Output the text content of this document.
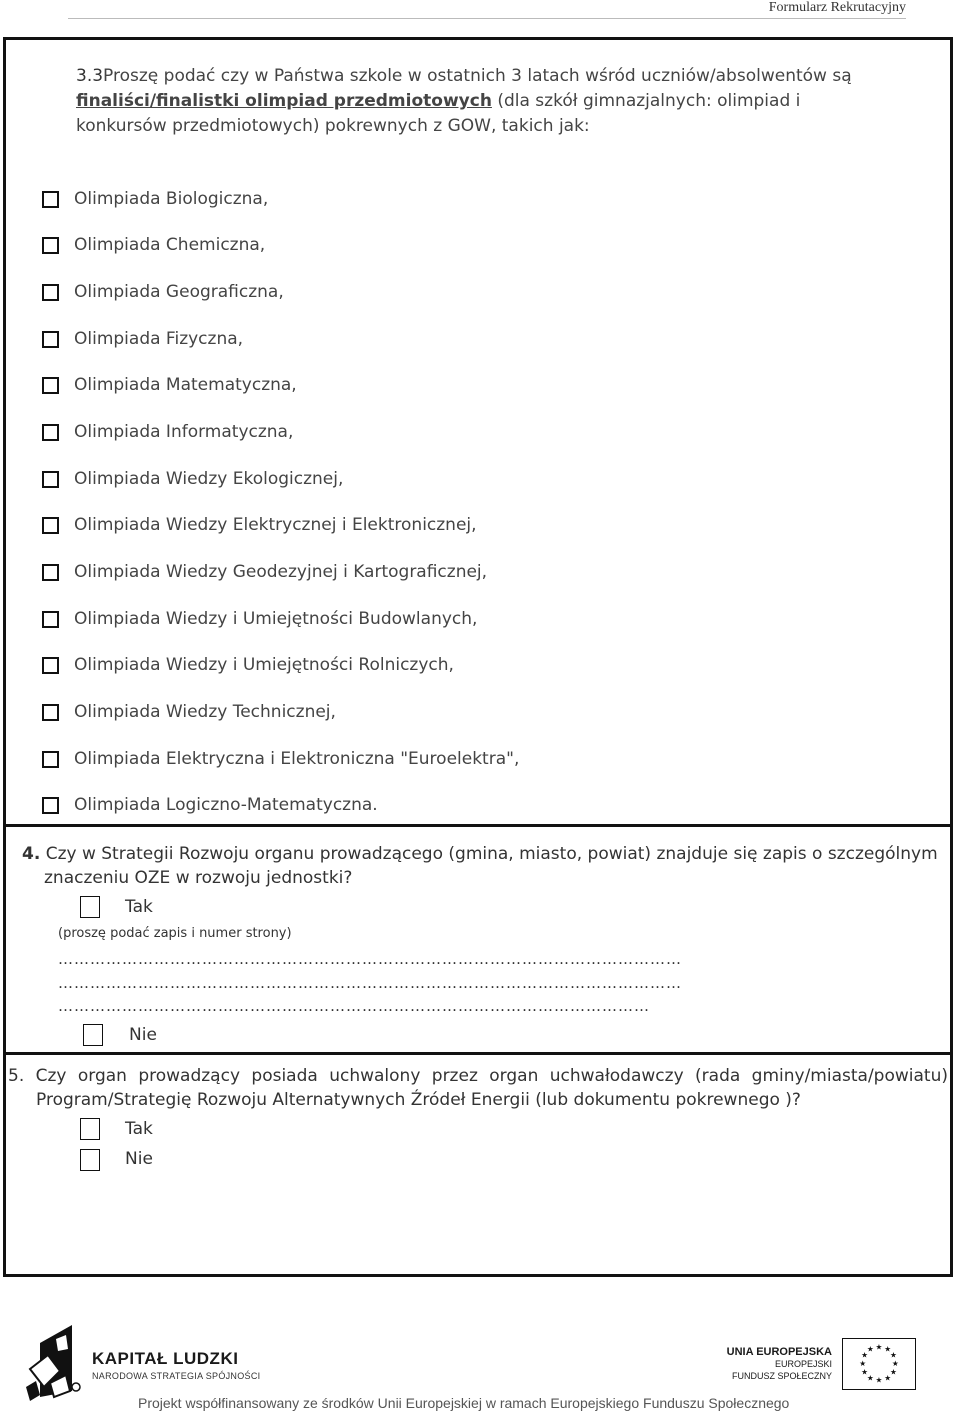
Formularz Rekrutacyjny
3.3Proszę podać czy w Państwa szkole w ostatnich 3 latach wśród uczniów/absolwentów są
finaliści/finalistki olimpiad przedmiotowych (dla szkół gimnazjalnych: olimpiad i konkursów przedmiotowych) pokrewnych z GOW, takich jak:
Olimpiada Biologiczna,
Olimpiada Chemiczna,
Olimpiada Geograficzna,
Olimpiada Fizyczna,
Olimpiada Matematyczna,
Olimpiada Informatyczna,
Olimpiada Wiedzy Ekologicznej,
Olimpiada Wiedzy Elektrycznej i Elektronicznej,
Olimpiada Wiedzy Geodezyjnej i Kartograficznej,
Olimpiada Wiedzy i Umiejętności Budowlanych,
Olimpiada Wiedzy i Umiejętności Rolniczych,
Olimpiada Wiedzy Technicznej,
Olimpiada Elektryczna i Elektroniczna "Euroelektra",
Olimpiada Logiczno-Matematyczna.
4. Czy w Strategii Rozwoju organu prowadzącego (gmina, miasto, powiat) znajduje się zapis o szczególnym
znaczeniu OZE w rozwoju jednostki?
Tak
(proszę podać zapis i numer strony)
………………………………………………………………………………………………………
………………………………………………………………………………………………………
…………………………………………………………………………………………………
Nie
5. Czy organ prowadzący posiada uchwalony przez organ uchwałodawczy (rada gminy/miasta/powiatu)
Program/Strategię Rozwoju Alternatywnych Źródeł Energii (lub dokumentu pokrewnego )?
Tak
Nie
KAPITAŁ LUDZKI
NARODOWA STRATEGIA SPÓJNOŚCI
UNIA EUROPEJSKA
EUROPEJSKI
FUNDUSZ SPOŁECZNY
★ ★
★
★
★
★
★
★
★
★
★
★
Projekt współfinansowany ze środków Unii Europejskiej w ramach Europejskiego Funduszu Społecznego
